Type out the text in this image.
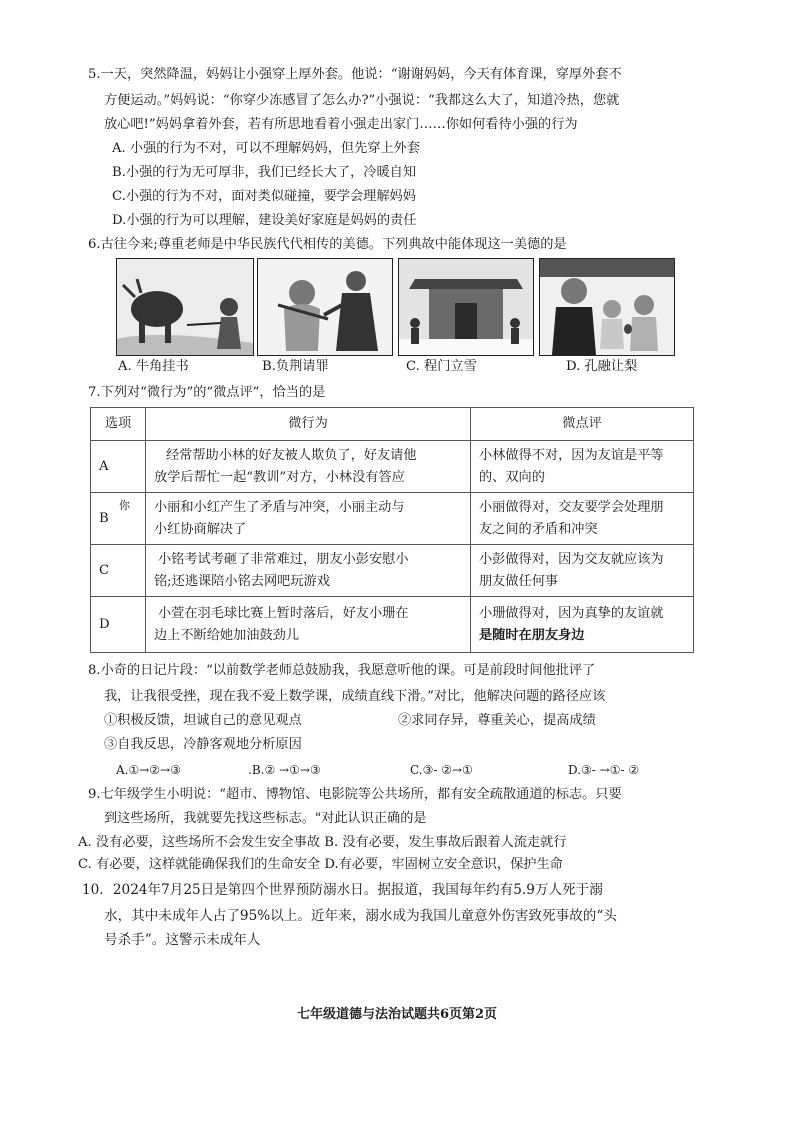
5.一天，突然降温，妈妈让小强穿上厚外套。他说：“谢谢妈妈，今天有体育课，穿厚外套不
方便运动。”妈妈说：“你穿少冻感冒了怎么办?”小强说：“我都这么大了，知道冷热，您就
放心吧!”妈妈拿着外套，若有所思地看着小强走出家门……你如何看待小强的行为
A. 小强的行为不对，可以不理解妈妈，但先穿上外套
B.小强的行为无可厚非，我们已经长大了，冷暖自知
C.小强的行为不对，面对类似碰撞，要学会理解妈妈
D.小强的行为可以理解，建设美好家庭是妈妈的责任
6.古往今来;尊重老师是中华民族代代相传的美德。下列典故中能体现这一美德的是
A. 牛角挂书	B.负荆请罪	C. 程门立雪	D. 孔融让梨
7.下列对“微行为”的“微点评”，恰当的是
选项	微行为	微点评
A	经常帮助小林的好友被人欺负了，好友请他
放学后帮忙一起“教训”对方，小林没有答应	小林做得不对，因为友谊是平等
的、双向的

你
B	小丽和小红产生了矛盾与冲突，小丽主动与
小红协商解决了	小丽做得对，交友要学会处理朋
友之间的矛盾和冲突

C	小铭考试考砸了非常难过，朋友小彭安慰小
铭;还逃课陪小铭去网吧玩游戏	小彭做得对，因为交友就应该为
朋友做任何事

D	小萱在羽毛球比赛上暂时落后，好友小珊在
边上不断给她加油鼓劲儿	小珊做得对，因为真挚的友谊就
是随时在朋友身边
8.小奇的日记片段：“以前数学老师总鼓励我，我愿意听他的课。可是前段时间他批评了
我，让我很受挫，现在我不爱上数学课，成绩直线下滑。”对比，他解决问题的路径应该
①积极反馈，坦诚自己的意见观点	②求同存异，尊重关心，提高成绩
③自我反思，冷静客观地分析原因
A.①→②→③	.B.② →①→③	C.③- ②→①	D.③- →①- ②
9.七年级学生小明说：“超市、博物馆、电影院等公共场所，都有安全疏散通道的标志。只要
到这些场所，我就要先找这些标志。"对此认识正确的是
A. 没有必要，这些场所不会发生安全事故 B. 没有必要，发生事故后跟着人流走就行
C. 有必要，这样就能确保我们的生命安全 D.有必要，牢固树立安全意识，保护生命
10．2024年7月25日是第四个世界预防溺水日。据报道，我国每年约有5.9万人死于溺
水，其中未成年人占了95%以上。近年来，溺水成为我国儿童意外伤害致死事故的“头
号杀手”。这警示未成年人
七年级道德与法治试题共6页第2页
